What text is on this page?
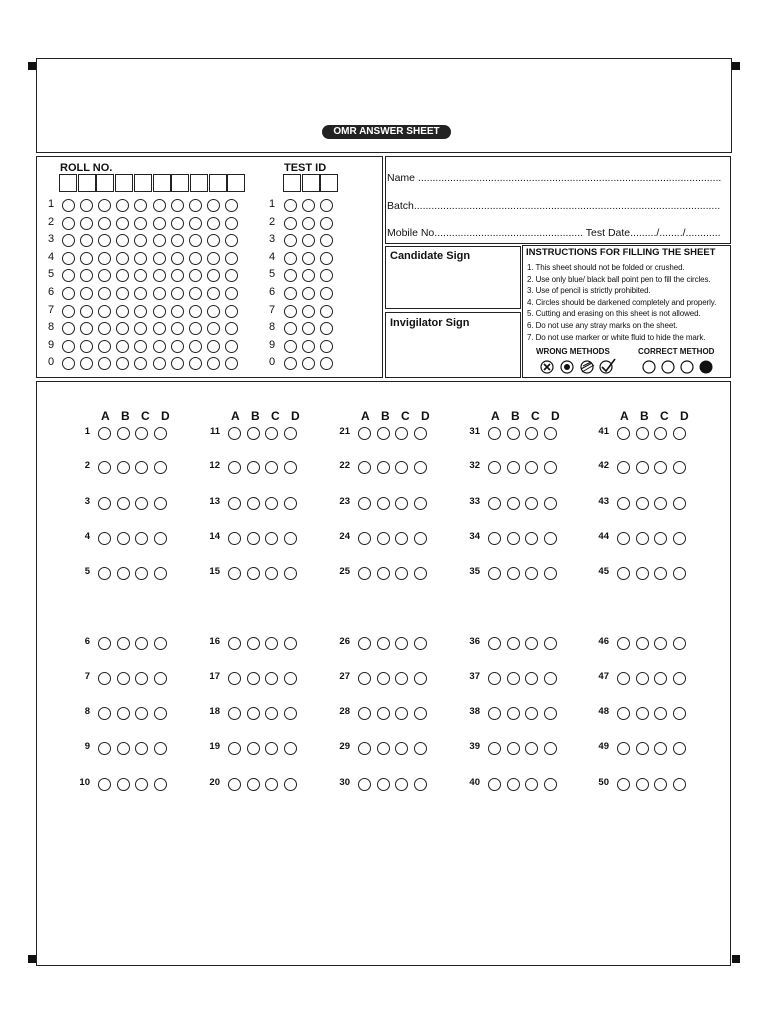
OMR ANSWER SHEET
ROLL NO.	TEST ID
1	1
2	2
3	3
4	4
5	5
6	6
7	7
8	8
9	9
0	0
Name ........................................................................................................
Batch.........................................................................................................
Mobile No................................................... Test Date........./......../............
Candidate Sign
Invigilator Sign
INSTRUCTIONS FOR FILLING THE SHEET
1. This sheet should not be folded or crushed.
2. Use only blue/ black ball point pen to fill the circles.
3. Use of pencil is strictly prohibited.
4. Circles should be darkened completely and properly.
5. Cutting and erasing on this sheet is not allowed.
6. Do not use any stray marks on the sheet.
7. Do not use marker or white fluid to hide the mark.
WRONG METHODS	CORRECT METHOD
A B C D
1
2
3
4
5
6
7
8
9
10
A B C D
11
12
13
14
15
16
17
18
19
20
A B C D
21
22
23
24
25
26
27
28
29
30
A B C D
31
32
33
34
35
36
37
38
39
40
A B C D
41
42
43
44
45
46
47
48
49
50
